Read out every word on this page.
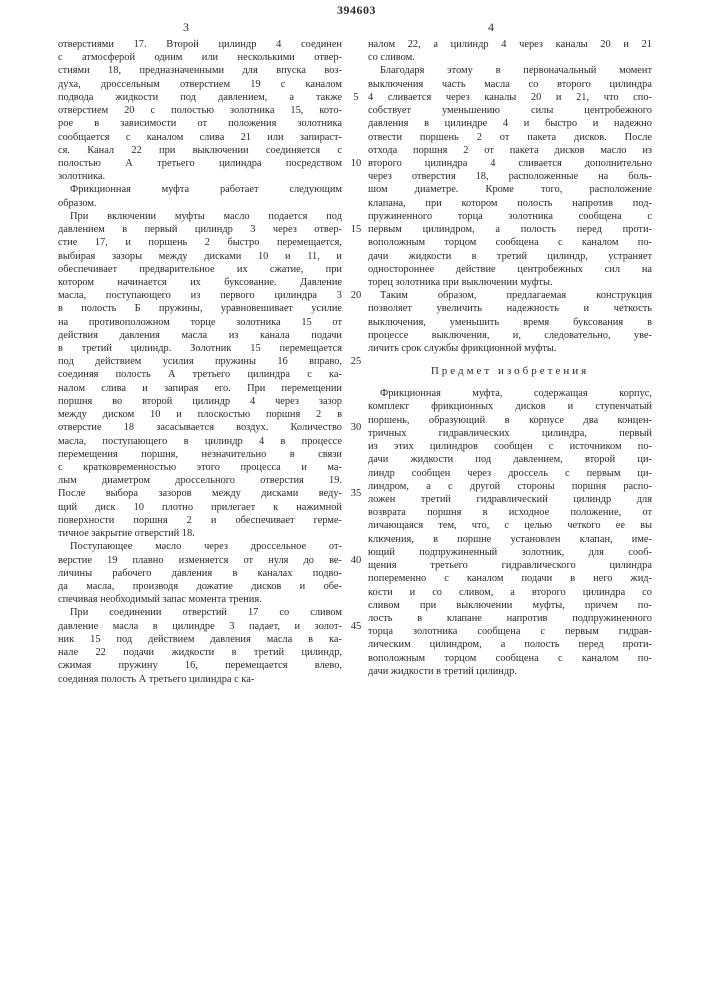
394603
3	4
отверстиями 17. Второй цилиндр 4 соединен
с атмосферой одним или несколькими отвер-
стиями 18, предназначенными для впуска воз-
духа, дроссельным отверстием 19 с каналом
подвода жидкости под давлением, а также
отверстием 20 с полостью золотника 15, кото-
рое в зависимости от положения золотника
сообщается с каналом слива 21 или запираст-
ся. Канал 22 при выключении соединяется с
полостью А третьего цилиндра посредством
золотника.
Фрикционная муфта работает следующим
образом.
При включении муфты масло подается под
давлением в первый цилиндр 3 через отвер-
стие 17, и поршень 2 быстро перемещается,
выбирая зазоры между дисками 10 и 11, и
обеспечивает предварительное их сжатие, при
котором начинается их буксование. Давление
масла, поступающего из первого цилиндра 3
в полость Б пружины, уравновешивает усилие
на противоположном торце золотника 15 от
действия давления масла из канала подачи
в третий цилиндр. Золотник 15 перемещается
под действием усилия пружины 16 вправо,
соединяя полость А третьего цилиндра с ка-
налом слива и запирая его. При перемещении
поршня во второй цилиндр 4 через зазор
между диском 10 и плоскостью поршня 2 в
отверстие 18 засасывается воздух. Количество
масла, поступающего в цилиндр 4 в процессе
перемещения поршня, незначительно в связи
с кратковременностью этого процесса и ма-
лым диаметром дроссельного отверстия 19.
После выбора зазоров между дисками веду-
щий диск 10 плотно прилегает к нажимной
поверхности поршня 2 и обеспечивает герме-
тичное закрытие отверстий 18.
Поступающее масло через дроссельное от-
верстие 19 плавно изменяется от нуля до ве-
личины рабочего давления в каналах подво-
да масла, производя дожатие дисков и обе-
спечивая необходимый запас момента трения.
При соединении отверстий 17 со сливом
давление масла в цилиндре 3 падает, и золот-
ник 15 под действием давления масла в ка-
нале 22 подачи жидкости в третий цилиндр,
сжимая пружину 16, перемещается влево,
соединяя полость А третьего цилиндра с ка-
налом 22, а цилиндр 4 через каналы 20 и 21
со сливом.
Благодаря этому в первоначальный момент
выключения часть масла со второго цилиндра
4 сливается через каналы 20 и 21, что спо-
собствует уменьшению силы центробежного
давления в цилиндре 4 и быстро и надежно
отвести поршень 2 от пакета дисков. После
отхода поршня 2 от пакета дисков масло из
второго цилиндра 4 сливается дополнительно
через отверстия 18, расположенные на боль-
шом диаметре. Кроме того, расположение
клапана, при котором полость напротив под-
пружиненного торца золотника сообщена с
первым цилиндром, а полость перед проти-
воположным торцом сообщена с каналом по-
дачи жидкости в третий цилиндр, устраняет
одностороннее действие центробежных сил на
торец золотника при выключении муфты.
Таким образом, предлагаемая конструкция
позволяет увеличить надежность и четкость
выключения, уменьшить время буксования в
процессе выключения, и, следовательно, уве-
личить срок службы фрикционной муфты.
Предмет изобретения
Фрикционная муфта, содержащая корпус,
комплект фрикционных дисков и ступенчатый
поршень, образующий в корпусе два концен-
тричных гидравлических цилиндра, первый
из этих цилиндров сообщен с источником по-
дачи жидкости под давлением, второй ци-
линдр сообщен через дроссель с первым ци-
линдром, а с другой стороны поршня распо-
ложен третий гидравлический цилиндр для
возврата поршня в исходное положение, от
личающаяся тем, что, с целью четкого ее вы
ключения, в поршне установлен клапан, име-
ющий подпружиненный золотник, для сооб-
щения третьего гидравлического цилиндра
попеременно с каналом подачи в него жид-
кости и со сливом, а второго цилиндра со
сливом при выключении муфты, причем по-
лость в клапане напротив подпружиненного
торца золотника сообщена с первым гидрав-
лическим цилиндром, а полость перед проти-
воположным торцом сообщена с каналом по-
дачи жидкости в третий цилиндр.
5
10
15
20
25
30
35
40
45
